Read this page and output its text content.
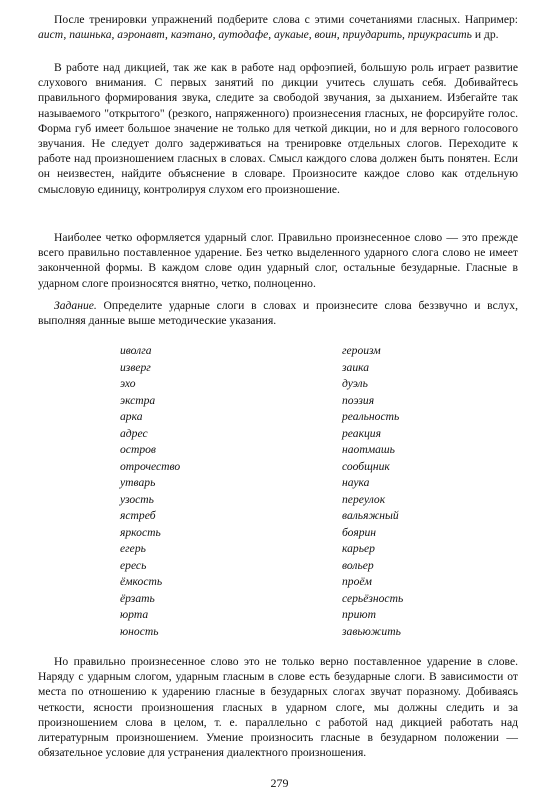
После тренировки упражнений подберите слова с этими сочетаниями гласных. Например: аист, пашнька, аэронавт, каэтано, аутодафе, аукаые, воин, приударить, приукрасить и др.

В работе над дикцией, так же как в работе над орфоэпией, большую роль играет развитие слухового внимания. С первых занятий по дикции учитесь слушать себя. Добивайтесь правильного формирования звука, следите за свободой звучания, за дыханием. Избегайте так называемого "открытого" (резкого, напряженного) произнесения гласных, не форсируйте голос. Форма губ имеет большое значение не только для четкой дикции, но и для верного голосового звучания. Не следует долго задерживаться на тренировке отдельных слогов. Переходите к работе над произношением гласных в словах. Смысл каждого слова должен быть понятен. Если он неизвестен, найдите объяснение в словаре. Произносите каждое слово как отдельную смысловую единицу, контролируя слухом его произношение.

Наиболее четко оформляется ударный слог. Правильно произнесенное слово — это прежде всего правильно поставленное ударение. Без четко выделенного ударного слога слово не имеет законченной формы. В каждом слове один ударный слог, остальные безударные. Гласные в ударном слоге произносятся внятно, четко, полноценно.

Задание. Определите ударные слоги в словах и произнесите слова беззвучно и вслух, выполняя данные выше методические указания.

иволга
изверг
эхо
экстра
арка
адрес
остров
отрочество
утварь
узость
ястреб
яркость
егерь
ересь
ёмкость
ёрзать
юрта
юность
героизм
заика
дуэль
поэзия
реальность
реакция
наотмашь
сообщник
наука
переулок
вальяжный
боярин
карьер
вольер
проём
серьёзность
приют
завьюжить

Но правильно произнесенное слово это не только верно поставленное ударение в слове. Наряду с ударным слогом, ударным гласным в слове есть безударные слоги. В зависимости от места по отношению к ударению гласные в безударных слогах звучат поразному. Добиваясь четкости, ясности произношения гласных в ударном слоге, мы должны следить и за произношением слова в целом, т. е. параллельно с работой над дикцией работать над литературным произношением. Умение произносить гласные в безударном положении — обязательное условие для устранения диалектного произношения.

279
